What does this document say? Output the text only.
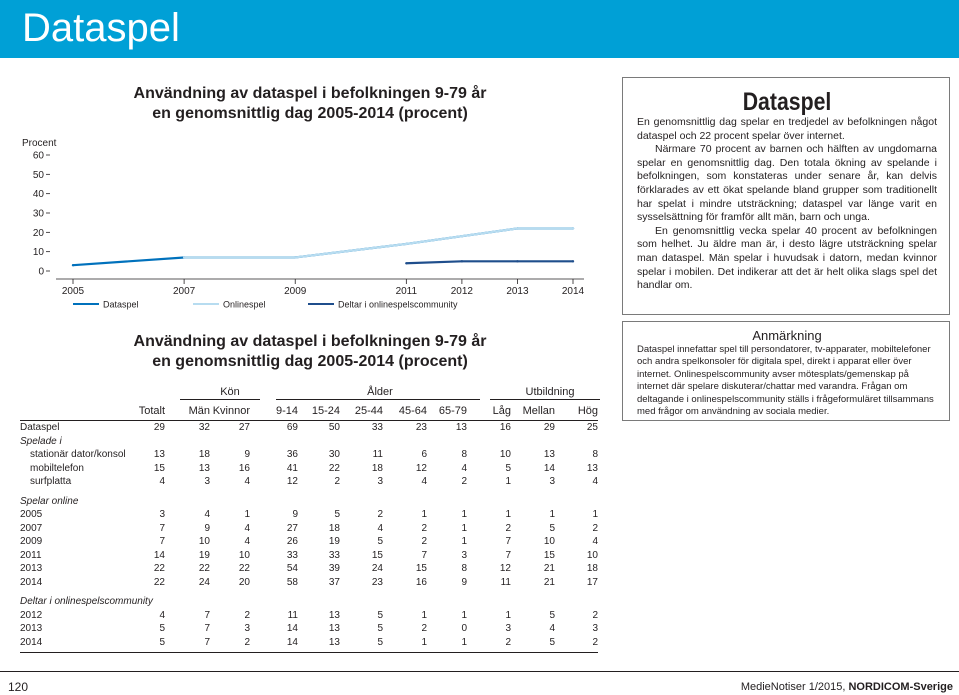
Dataspel
Användning av dataspel i befolkningen 9-79 år
en genomsnittlig dag 2005-2014 (procent)
Procent
0
10
20
30
40
50
60
2005	2007	2009	2011	2012	2013	2014
Dataspel	Onlinespel	Deltar i onlinespelscommunity
Användning av dataspel i befolkningen 9-79 år
en genomsnittlig dag 2005-2014 (procent)
Kön	Ålder	Utbildning
Totalt	Män Kvinnor	9-14	15-24	25-44	45-64	65-79	Låg	Mellan	Hög
Dataspel	29	32	27	69	50	33	23	13	16	29	25
Spelade i
stationär dator/konsol	13	18	9	36	30	11	6	8	10	13	8
mobiltelefon	15	13	16	41	22	18	12	4	5	14	13
surfplatta	4	3	4	12	2	3	4	2	1	3	4
Spelar online
2005	3	4	1	9	5	2	1	1	1	1	1
2007	7	9	4	27	18	4	2	1	2	5	2
2009	7	10	4	26	19	5	2	1	7	10	4
2011	14	19	10	33	33	15	7	3	7	15	10
2013	22	22	22	54	39	24	15	8	12	21	18
2014	22	24	20	58	37	23	16	9	11	21	17
Deltar i onlinespelscommunity
2012	4	7	2	11	13	5	1	1	1	5	2
2013	5	7	3	14	13	5	2	0	3	4	3
2014	5	7	2	14	13	5	1	1	2	5	2
Dataspel

En genomsnittlig dag spelar en tredjedel av befolkningen något dataspel och 22 procent spelar över internet.

Närmare 70 procent av barnen och hälften av ungdomarna spelar en genomsnittlig dag. Den totala ökning av spelande i befolkningen, som konstateras under senare år, kan delvis förklarades av ett ökat spelande bland grupper som traditionellt har spelat i mindre utsträckning; dataspel var länge varit en sysselsättning för framför allt män, barn och unga.

En genomsnittlig vecka spelar 40 procent av befolkningen som helhet. Ju äldre man är, i desto lägre utsträckning spelar man dataspel. Män spelar i huvudsak i datorn, medan kvinnor spelar i mobilen. Det indikerar att det är helt olika slags spel det handlar om.

Anmärkning

Dataspel innefattar spel till persondatorer, tv-apparater, mobiltelefoner och andra spelkonsoler för digitala spel, direkt i apparat eller över internet. Onlinespelscommunity avser mötesplats/gemenskap på internet där spelare diskuterar/chattar med varandra. Frågan om deltagande i onlinespelscommunity ställs i frågeformuläret tillsammans med frågor om användning av sociala medier.

120	MedieNotiser 1/2015, NORDICOM-Sverige
